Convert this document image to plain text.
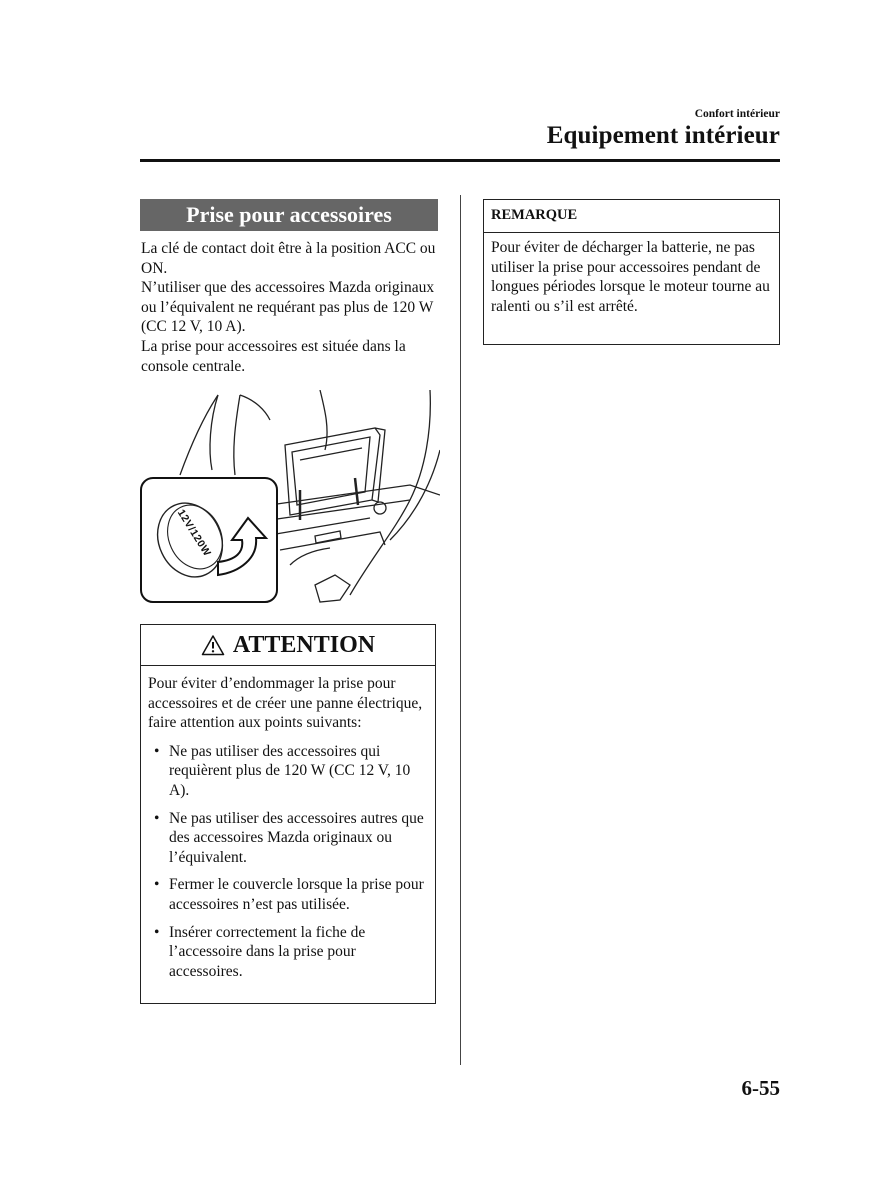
Confort intérieur
Equipement intérieur
Prise pour accessoires

La clé de contact doit être à la position ACC ou ON.

N’utiliser que des accessoires Mazda originaux ou l’équivalent ne requérant pas plus de 120 W (CC 12 V, 10 A).

La prise pour accessoires est située dans la console centrale.

12V/120W
ATTENTION

Pour éviter d’endommager la prise pour accessoires et de créer une panne électrique, faire attention aux points suivants:

• Ne pas utiliser des accessoires qui requièrent plus de 120 W (CC 12 V, 10 A).
• Ne pas utiliser des accessoires autres que des accessoires Mazda originaux ou l’équivalent.
• Fermer le couvercle lorsque la prise pour accessoires n’est pas utilisée.
• Insérer correctement la fiche de l’accessoire dans la prise pour accessoires.
REMARQUE
Pour éviter de décharger la batterie, ne pas utiliser la prise pour accessoires pendant de longues périodes lorsque le moteur tourne au ralenti ou s’il est arrêté.
6-55
